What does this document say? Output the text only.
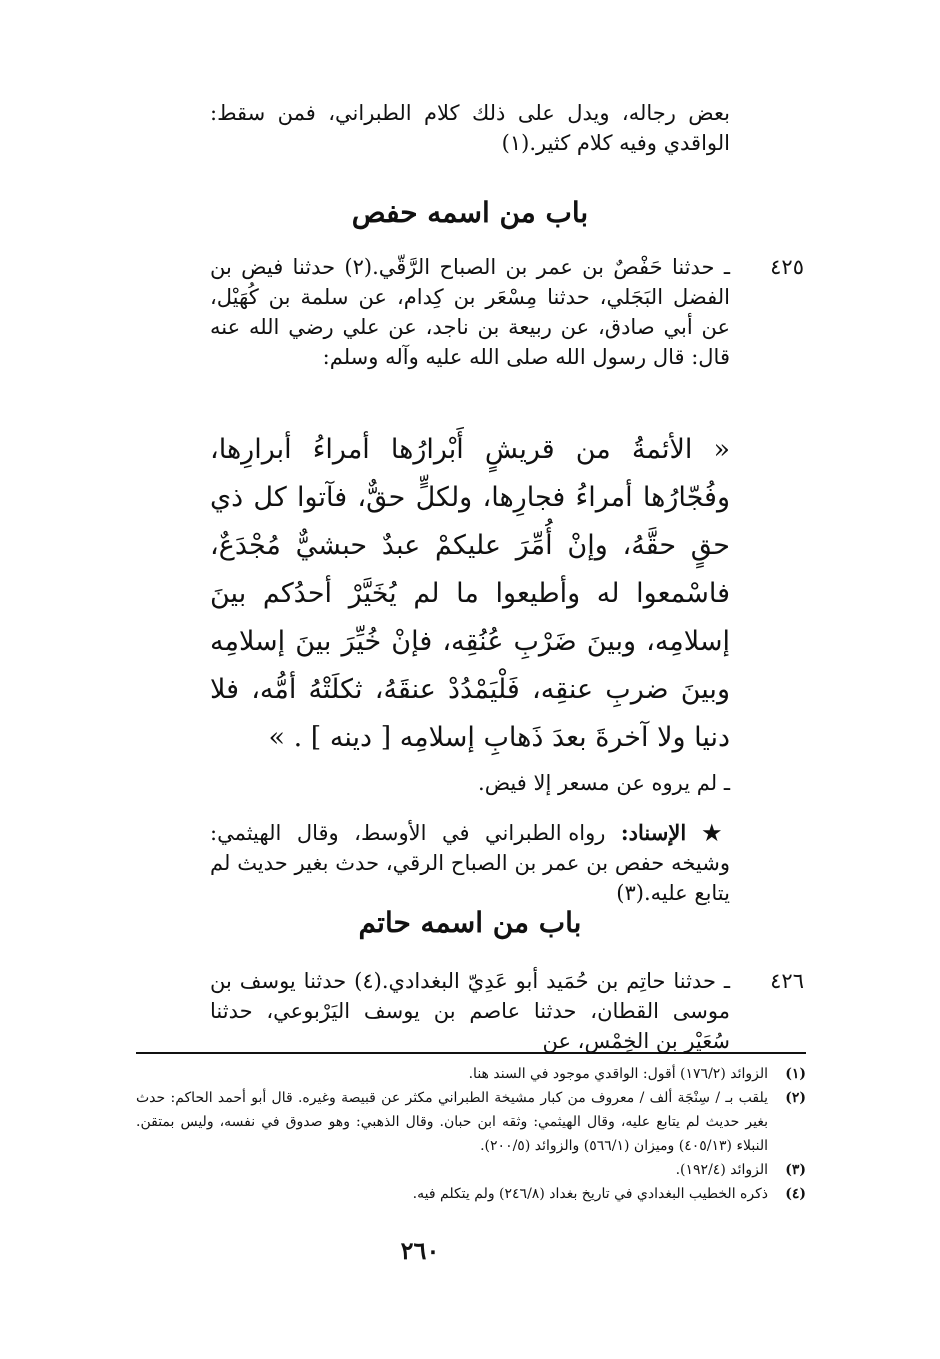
بعض رجاله، ويدل على ذلك كلام الطبراني، فمن سقط: الواقدي وفيه كلام كثير.(١)

باب من اسمه حفص
٤٢٥

ـ حدثنا حَفْصٌ بن عمر بن الصباح الرَّقّي.(٢) حدثنا فيض بن الفضل البَجَلي، حدثنا مِسْعَر بن كِدام، عن سلمة بن كُهَيْل، عن أبي صادق، عن ربيعة بن ناجد، عن علي رضي الله عنه قال: قال رسول الله صلى الله عليه وآله وسلم:

« الأئمةُ من قريشٍ أَبْرارُها أمراءُ أبرارِها، وفُجّارُها أمراءُ فجارِها، ولكلٍّ حقٌّ، فآتوا كل ذي حقٍ حقَّهُ، وإنْ أُمِّرَ عليكمْ عبدٌ حبشيٌّ مُجْدَعٌ، فاسْمعوا له وأطيعوا ما لم يُخَيَّرْ أحدُكم بينَ إسلامِه، وبينَ ضَرْبِ عُنُقِه، فإنْ خُيِّرَ بينَ إسلامِه وبينَ ضربِ عنقِه، فَلْيَمْدُدْ عنقَهُ، ثكلَتْهُ أمُّه، فلا دنيا ولا آخرةَ بعدَ ذَهابِ إسلامِه [ دينه ] . »

ـ لم يروه عن مسعر إلا فيض.

★ الإسناد: رواه الطبراني في الأوسط، وقال الهيثمي: وشيخه حفص بن عمر بن الصباح الرقي، حدث بغير حديث لم يتابع عليه.(٣)

باب من اسمه حاتم
٤٢٦

ـ حدثنا حاتِم بن حُمَيد أبو عَدِيّ البغدادي.(٤) حدثنا يوسف بن موسى القطان، حدثنا عاصم بن يوسف اليَرْبوعي، حدثنا سُعَيْر بن الخِمْس، عن

(١)
الزوائد (١٧٦/٢) أقول: الواقدي موجود في السند هنا.
(٢)
يلقب بـ / سِنْجَة ألف / معروف من كبار مشيخة الطبراني مكثر عن قبيصة وغيره. قال أبو أحمد الحاكم: حدث بغير حديث لم يتابع عليه، وقال الهيثمي: وثقه ابن حبان. وقال الذهبي: وهو صدوق في نفسه، وليس بمتقن. النبلاء (٤٠٥/١٣) وميزان (٥٦٦/١) والزوائد (٢٠٠/٥).
(٣)
الزوائد (١٩٢/٤).
(٤)
ذكره الخطيب البغدادي في تاريخ بغداد (٢٤٦/٨) ولم يتكلم فيه.
٢٦٠
